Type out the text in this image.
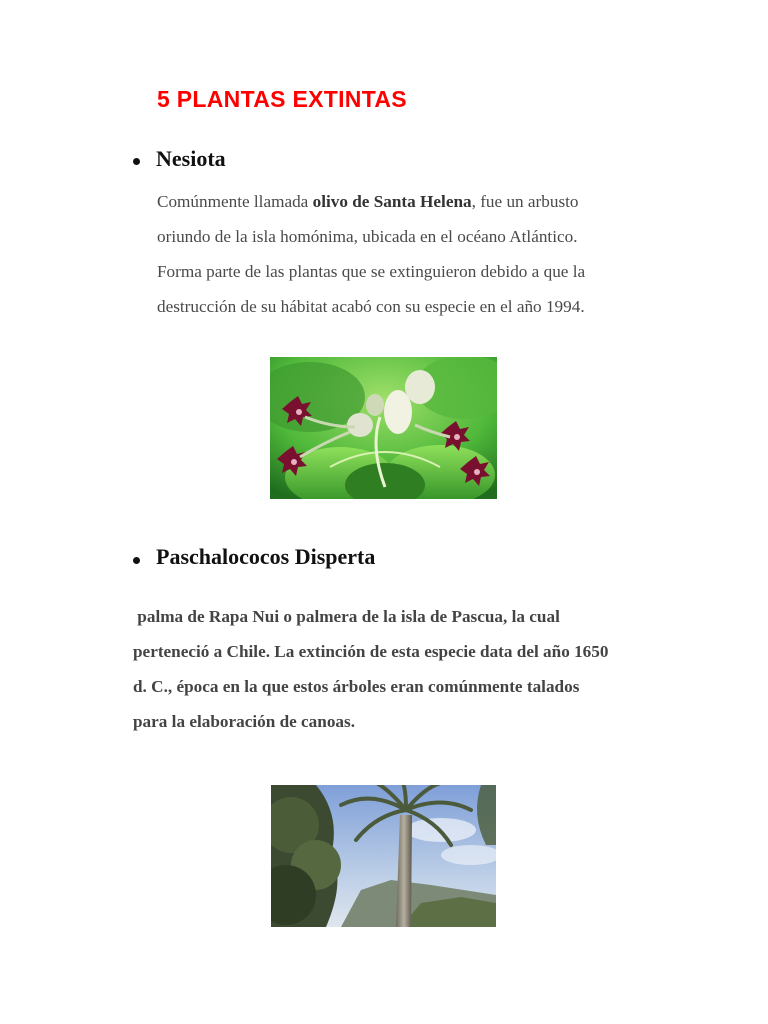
5 PLANTAS EXTINTAS
Nesiota
Comúnmente llamada olivo de Santa Helena, fue un arbusto
oriundo de la isla homónima, ubicada en el océano Atlántico.
Forma parte de las plantas que se extinguieron debido a que la
destrucción de su hábitat acabó con su especie en el año 1994.
Paschalococos Disperta
palma de Rapa Nui o palmera de la isla de Pascua, la cual
perteneció a Chile. La extinción de esta especie data del año 1650
d. C., época en la que estos árboles eran comúnmente talados
para la elaboración de canoas.
